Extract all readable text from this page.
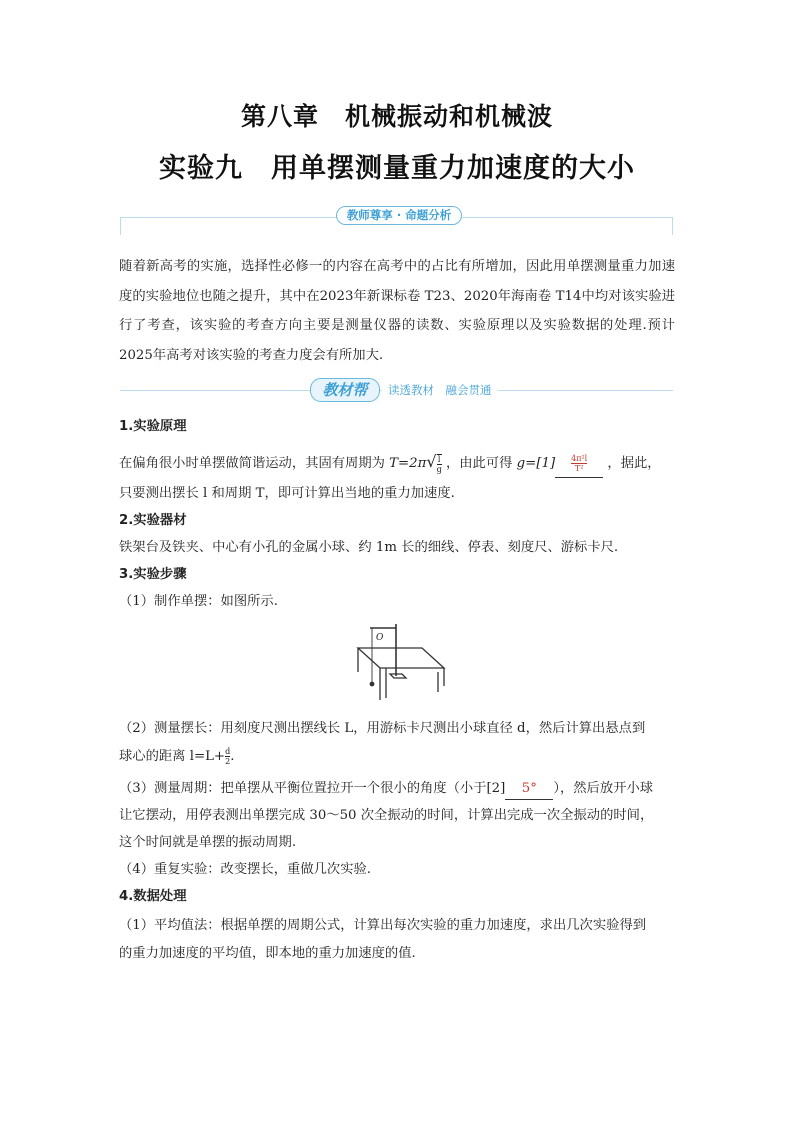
第八章　机械振动和机械波
实验九　用单摆测量重力加速度的大小
教师尊享 · 命题分析
随着新高考的实施，选择性必修一的内容在高考中的占比有所增加，因此用单摆测量重力加速度的实验地位也随之提升，其中在2023年新课标卷 T23、2020年海南卷 T14中均对该实验进行了考查，该实验的考查方向主要是测量仪器的读数、实验原理以及实验数据的处理.预计 2025年高考对该实验的考查力度会有所加大.
教材帮	读透教材　融会贯通
1.实验原理
在偏角很小时单摆做简谐运动，其固有周期为 $T=2\pi√ \frac{l}{g}$ ，由此可得 $g=[1] \frac{\text{4π²l}}{\text{T²}}$ ，据此，
只要测出摆长 l 和周期 T，即可计算出当地的重力加速度.
2.实验器材
铁架台及铁夹、中心有小孔的金属小球、约 1m 长的细线、停表、刻度尺、游标卡尺.
3.实验步骤
（1）制作单摆：如图所示.
O
（2）测量摆长：用刻度尺测出摆线长 L，用游标卡尺测出小球直径 d，然后计算出悬点到
球心的距离 $l=L+ \frac{d}{2}$ .
（3）测量周期：把单摆从平衡位置拉开一个很小的角度（小于[2] 5° ），然后放开小球
让它摆动，用停表测出单摆完成 30～50 次全振动的时间，计算出完成一次全振动的时间，
这个时间就是单摆的振动周期.
（4）重复实验：改变摆长，重做几次实验.
4.数据处理
（1）平均值法：根据单摆的周期公式，计算出每次实验的重力加速度，求出几次实验得到
的重力加速度的平均值，即本地的重力加速度的值.
